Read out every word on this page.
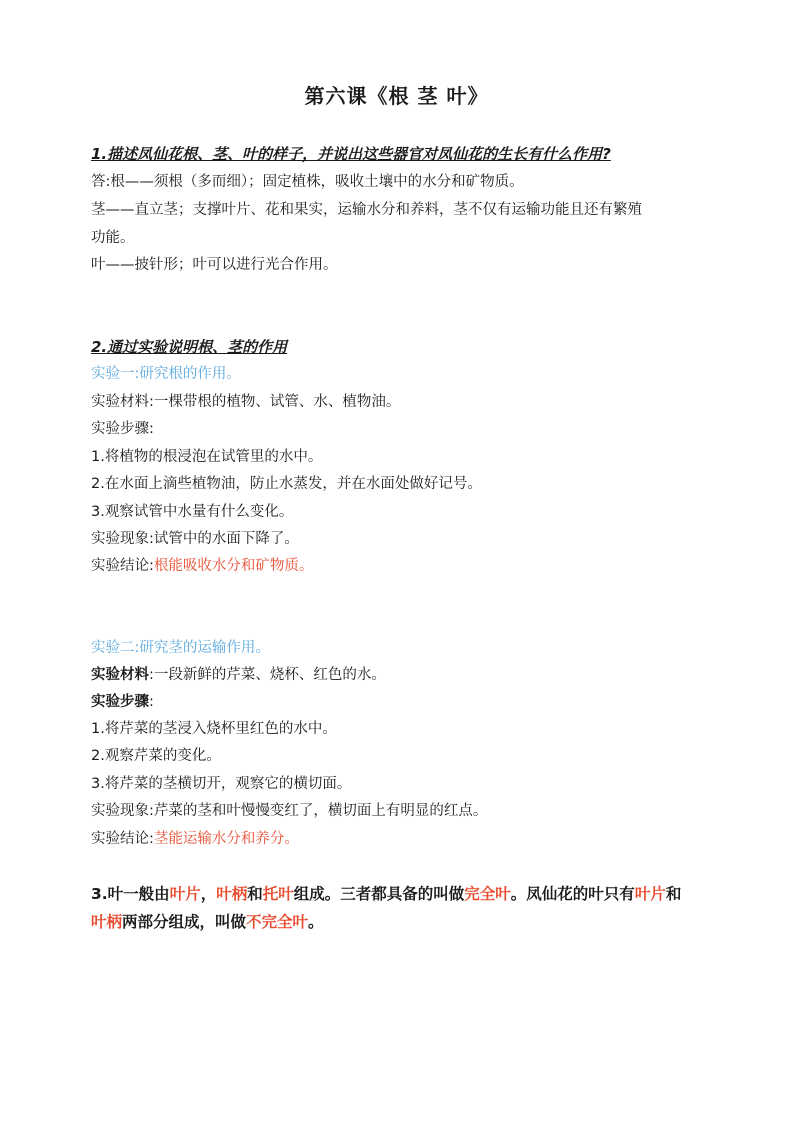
第六课《根 茎 叶》

1.描述凤仙花根、茎、叶的样子，并说出这些器官对凤仙花的生长有什么作用?

答:根——须根（多而细）；固定植株，吸收土壤中的水分和矿物质。

茎——直立茎；支撑叶片、花和果实，运输水分和养料，茎不仅有运输功能且还有繁殖

功能。

叶——披针形；叶可以进行光合作用。

2.通过实验说明根、茎的作用

实验一:研究根的作用。

实验材料:一棵带根的植物、试管、水、植物油。

实验步骤:

1.将植物的根浸泡在试管里的水中。

2.在水面上滴些植物油，防止水蒸发，并在水面处做好记号。

3.观察试管中水量有什么变化。

实验现象:试管中的水面下降了。

实验结论:根能吸收水分和矿物质。

实验二:研究茎的运输作用。

实验材料:一段新鲜的芹菜、烧杯、红色的水。

实验步骤:

1.将芹菜的茎浸入烧杯里红色的水中。

2.观察芹菜的变化。

3.将芹菜的茎横切开，观察它的横切面。

实验现象:芹菜的茎和叶慢慢变红了，横切面上有明显的红点。

实验结论:茎能运输水分和养分。

3.叶一般由叶片，叶柄和托叶组成。三者都具备的叫做完全叶。凤仙花的叶只有叶片和

叶柄两部分组成，叫做不完全叶。
